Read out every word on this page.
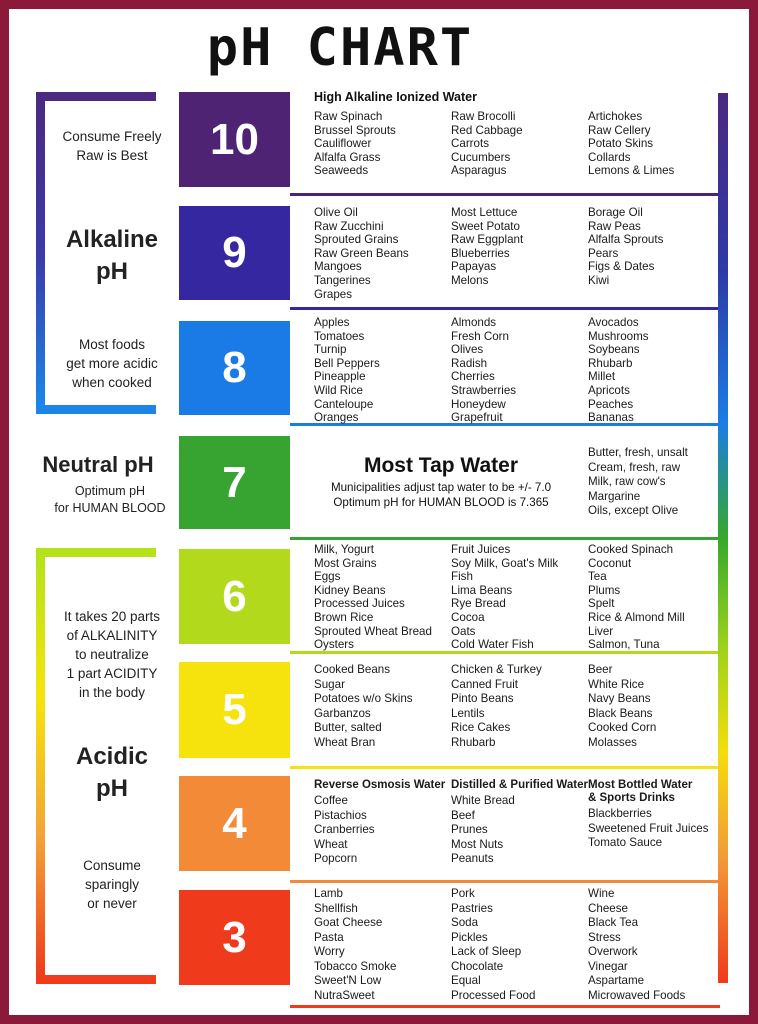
pH CHART
Consume Freely
Raw is Best
Alkaline
pH
Most foods
get more acidic
when cooked
Neutral pH
Optimum pH
for HUMAN BLOOD
It takes 20 parts
of ALKALINITY
to neutralize
1 part ACIDITY
in the body
Acidic
pH
Consume
sparingly
or never
10
9
8
7
6
5
4
3
High Alkaline Ionized Water
Raw Spinach
Brussel Sprouts
Cauliflower
Alfalfa Grass
Seaweeds
Raw Brocolli
Red Cabbage
Carrots
Cucumbers
Asparagus
Artichokes
Raw Cellery
Potato Skins
Collards
Lemons & Limes
Olive Oil
Raw Zucchini
Sprouted Grains
Raw Green Beans
Mangoes
Tangerines
Grapes
Most Lettuce
Sweet Potato
Raw Eggplant
Blueberries
Papayas
Melons
Borage Oil
Raw Peas
Alfalfa Sprouts
Pears
Figs & Dates
Kiwi
Apples
Tomatoes
Turnip
Bell Peppers
Pineapple
Wild Rice
Canteloupe
Oranges
Almonds
Fresh Corn
Olives
Radish
Cherries
Strawberries
Honeydew
Grapefruit
Avocados
Mushrooms
Soybeans
Rhubarb
Millet
Apricots
Peaches
Bananas
Most Tap Water
Municipalities adjust tap water to be +/- 7.0
Optimum pH for HUMAN BLOOD is 7.365
Butter, fresh, unsalt
Cream, fresh, raw
Milk, raw cow's
Margarine
Oils, except Olive
Milk, Yogurt
Most Grains
Eggs
Kidney Beans
Processed Juices
Brown Rice
Sprouted Wheat Bread
Oysters
Fruit Juices
Soy Milk, Goat's Milk
Fish
Lima Beans
Rye Bread
Cocoa
Oats
Cold Water Fish
Cooked Spinach
Coconut
Tea
Plums
Spelt
Rice & Almond Mill
Liver
Salmon, Tuna
Cooked Beans
Sugar
Potatoes w/o Skins
Garbanzos
Butter, salted
Wheat Bran
Chicken & Turkey
Canned Fruit
Pinto Beans
Lentils
Rice Cakes
Rhubarb
Beer
White Rice
Navy Beans
Black Beans
Cooked Corn
Molasses
Reverse Osmosis Water
Coffee
Pistachios
Cranberries
Wheat
Popcorn
Distilled & Purified Water
White Bread
Beef
Prunes
Most Nuts
Peanuts
Most Bottled Water & Sports Drinks
Blackberries
Sweetened Fruit Juices
Tomato Sauce
Lamb
Shellfish
Goat Cheese
Pasta
Worry
Tobacco Smoke
Sweet'N Low
NutraSweet
Pork
Pastries
Soda
Pickles
Lack of Sleep
Chocolate
Equal
Processed Food
Wine
Cheese
Black Tea
Stress
Overwork
Vinegar
Aspartame
Microwaved Foods
